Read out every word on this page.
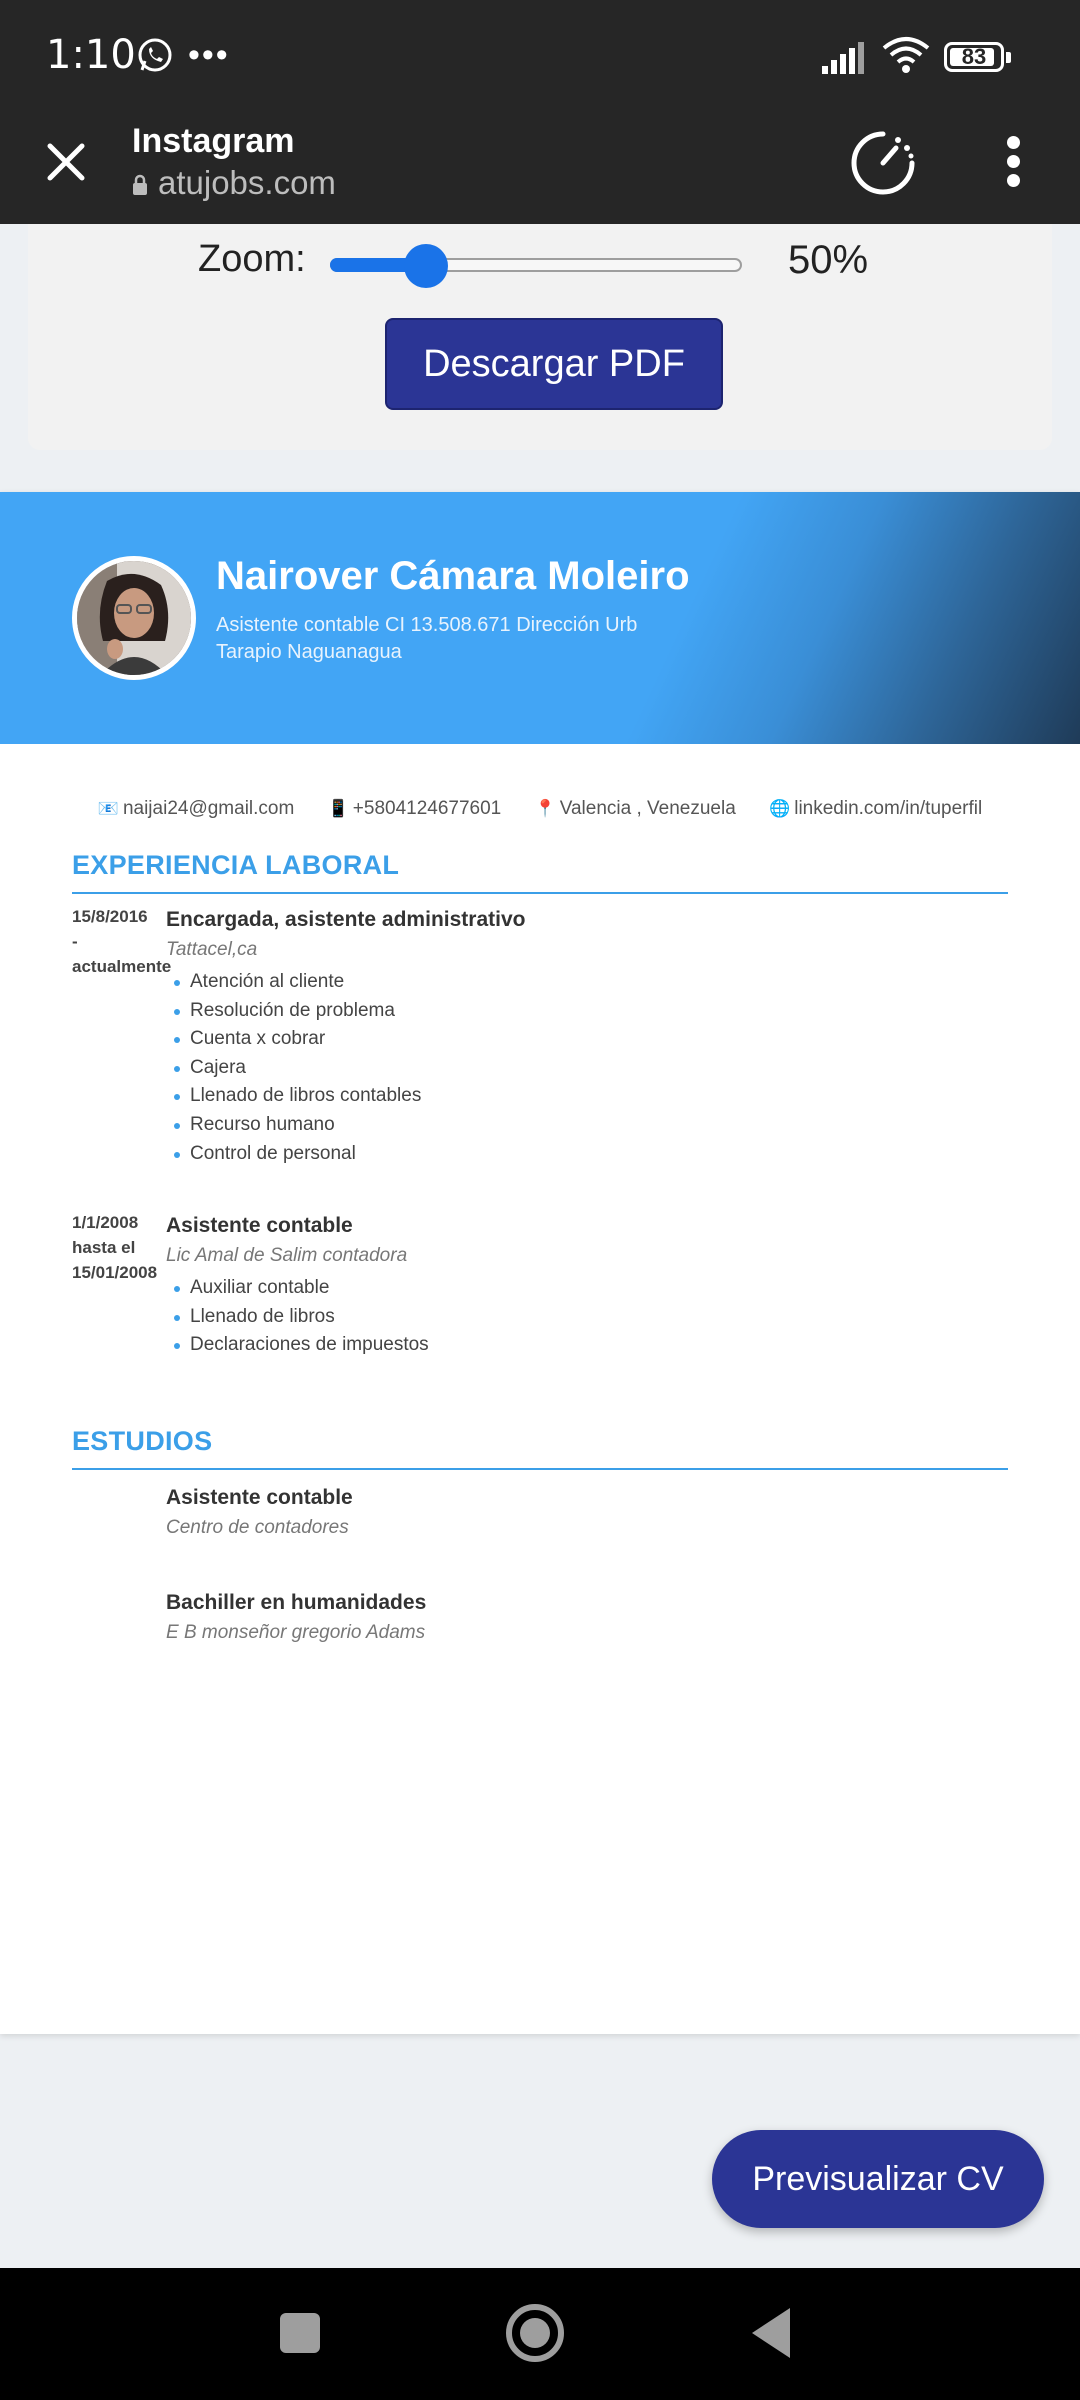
1:10 •••	83
Instagram
atujobs.com
Zoom:	50%
Descargar PDF
Nairover Cámara Moleiro
Asistente contable CI 13.508.671 Dirección Urb Tarapio Naguanagua
📧 naijai24@gmail.com 📱 +5804124677601 📍 Valencia , Venezuela 🌐 linkedin.com/in/tuperfil
EXPERIENCIA LABORAL
15/8/2016
-
actualmente
Encargada, asistente administrativo
Tattacel,ca
Atención al cliente
Resolución de problema
Cuenta x cobrar
Cajera
Llenado de libros contables
Recurso humano
Control de personal
1/1/2008
hasta el
15/01/2008
Asistente contable
Lic Amal de Salim contadora
Auxiliar contable
Llenado de libros
Declaraciones de impuestos
ESTUDIOS
Asistente contable
Centro de contadores
Bachiller en humanidades
E B monseñor gregorio Adams
Previsualizar CV
